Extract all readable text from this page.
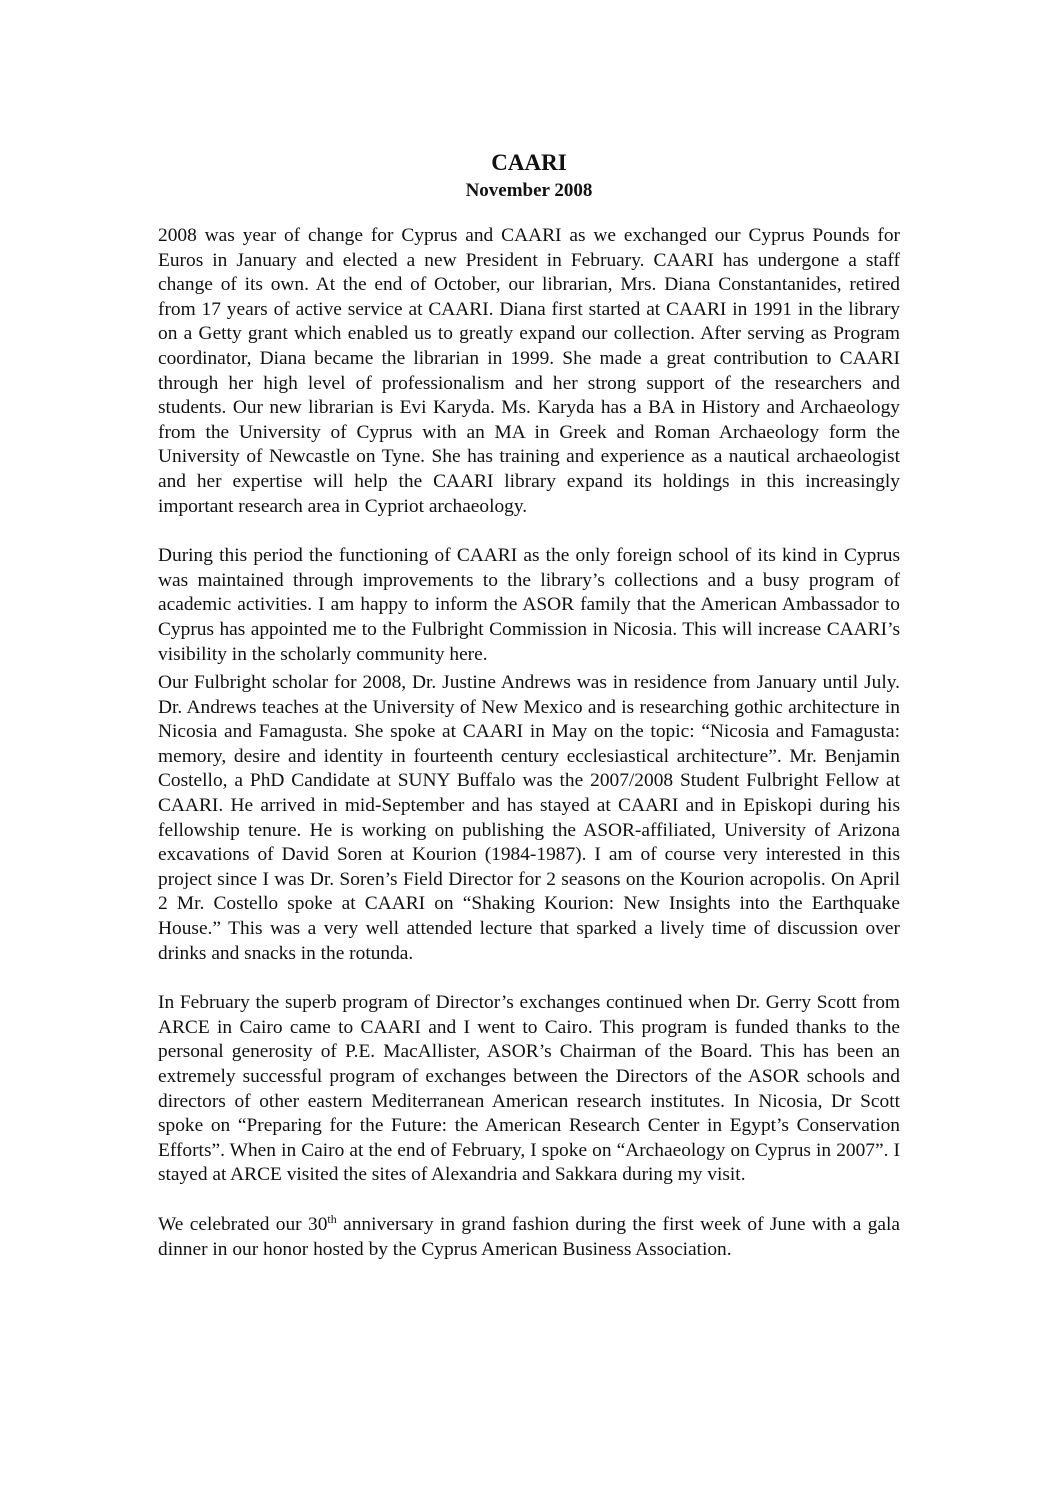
CAARI
November 2008

2008 was year of change for Cyprus and CAARI as we exchanged our Cyprus Pounds for Euros in January and elected a new President in February. CAARI has undergone a staff change of its own. At the end of October, our librarian, Mrs. Diana Constantanides, retired from 17 years of active service at CAARI. Diana first started at CAARI in 1991 in the library on a Getty grant which enabled us to greatly expand our collection. After serving as Program coordinator, Diana became the librarian in 1999. She made a great contribution to CAARI through her high level of professionalism and her strong support of the researchers and students. Our new librarian is Evi Karyda. Ms. Karyda has a BA in History and Archaeology from the University of Cyprus with an MA in Greek and Roman Archaeology form the University of Newcastle on Tyne. She has training and experience as a nautical archaeologist and her expertise will help the CAARI library expand its holdings in this increasingly important research area in Cypriot archaeology.

During this period the functioning of CAARI as the only foreign school of its kind in Cyprus was maintained through improvements to the library’s collections and a busy program of academic activities. I am happy to inform the ASOR family that the American Ambassador to Cyprus has appointed me to the Fulbright Commission in Nicosia. This will increase CAARI’s visibility in the scholarly community here.

Our Fulbright scholar for 2008, Dr. Justine Andrews was in residence from January until July. Dr. Andrews teaches at the University of New Mexico and is researching gothic architecture in Nicosia and Famagusta. She spoke at CAARI in May on the topic: “Nicosia and Famagusta: memory, desire and identity in fourteenth century ecclesiastical architecture”. Mr. Benjamin Costello, a PhD Candidate at SUNY Buffalo was the 2007/2008 Student Fulbright Fellow at CAARI. He arrived in mid-September and has stayed at CAARI and in Episkopi during his fellowship tenure. He is working on publishing the ASOR-affiliated, University of Arizona excavations of David Soren at Kourion (1984-1987). I am of course very interested in this project since I was Dr. Soren’s Field Director for 2 seasons on the Kourion acropolis. On April 2 Mr. Costello spoke at CAARI on “Shaking Kourion: New Insights into the Earthquake House.” This was a very well attended lecture that sparked a lively time of discussion over drinks and snacks in the rotunda.

In February the superb program of Director’s exchanges continued when Dr. Gerry Scott from ARCE in Cairo came to CAARI and I went to Cairo. This program is funded thanks to the personal generosity of P.E. MacAllister, ASOR’s Chairman of the Board. This has been an extremely successful program of exchanges between the Directors of the ASOR schools and directors of other eastern Mediterranean American research institutes. In Nicosia, Dr Scott spoke on “Preparing for the Future: the American Research Center in Egypt’s Conservation Efforts”. When in Cairo at the end of February, I spoke on “Archaeology on Cyprus in 2007”. I stayed at ARCE visited the sites of Alexandria and Sakkara during my visit.

We celebrated our 30th anniversary in grand fashion during the first week of June with a gala dinner in our honor hosted by the Cyprus American Business Association.
